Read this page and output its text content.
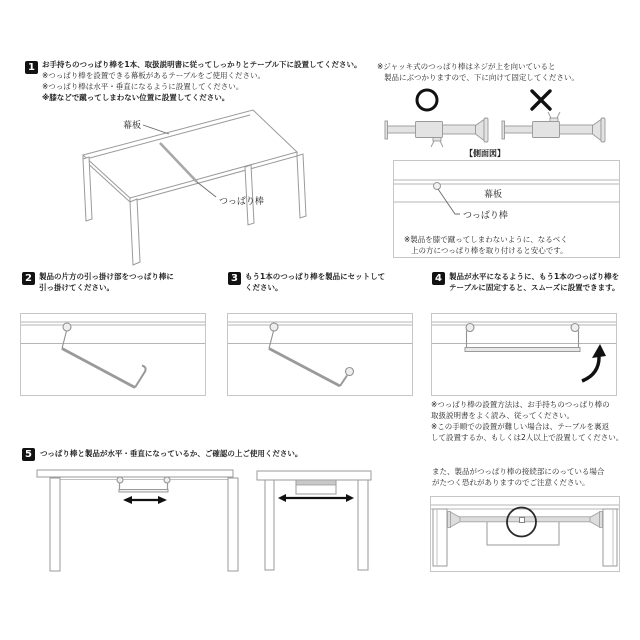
1 お手持ちのつっぱり棒を1本、取扱説明書に従ってしっかりとテーブル下に設置してください。
※つっぱり棒を設置できる幕板があるテーブルをご使用ください。
※つっぱり棒は水平・垂直になるように設置してください。
※膝などで蹴ってしまわない位置に設置してください。
幕板
つっぱり棒
※ジャッキ式のつっぱり棒はネジが上を向いていると
製品にぶつかりますので、下に向けて固定してください。
【側面図】
幕板
つっぱり棒
※製品を膝で蹴ってしまわないように、なるべく
上の方につっぱり棒を取り付けると安心です。
2 製品の片方の引っ掛け部をつっぱり棒に
引っ掛けてください。
3 もう1本のつっぱり棒を製品にセットして
ください。
4 製品が水平になるように、もう1本のつっぱり棒を
テーブルに固定すると、スムーズに設置できます。
※つっぱり棒の設置方法は、お手持ちのつっぱり棒の
取扱説明書をよく読み、従ってください。
※この手順での設置が難しい場合は、テーブルを裏返
して設置するか、もしくは2人以上で設置してください。
5	つっぱり棒と製品が水平・垂直になっているか、ご確認の上ご使用ください。
また、製品がつっぱり棒の接続部にのっている場合
がたつく恐れがありますのでご注意ください。
